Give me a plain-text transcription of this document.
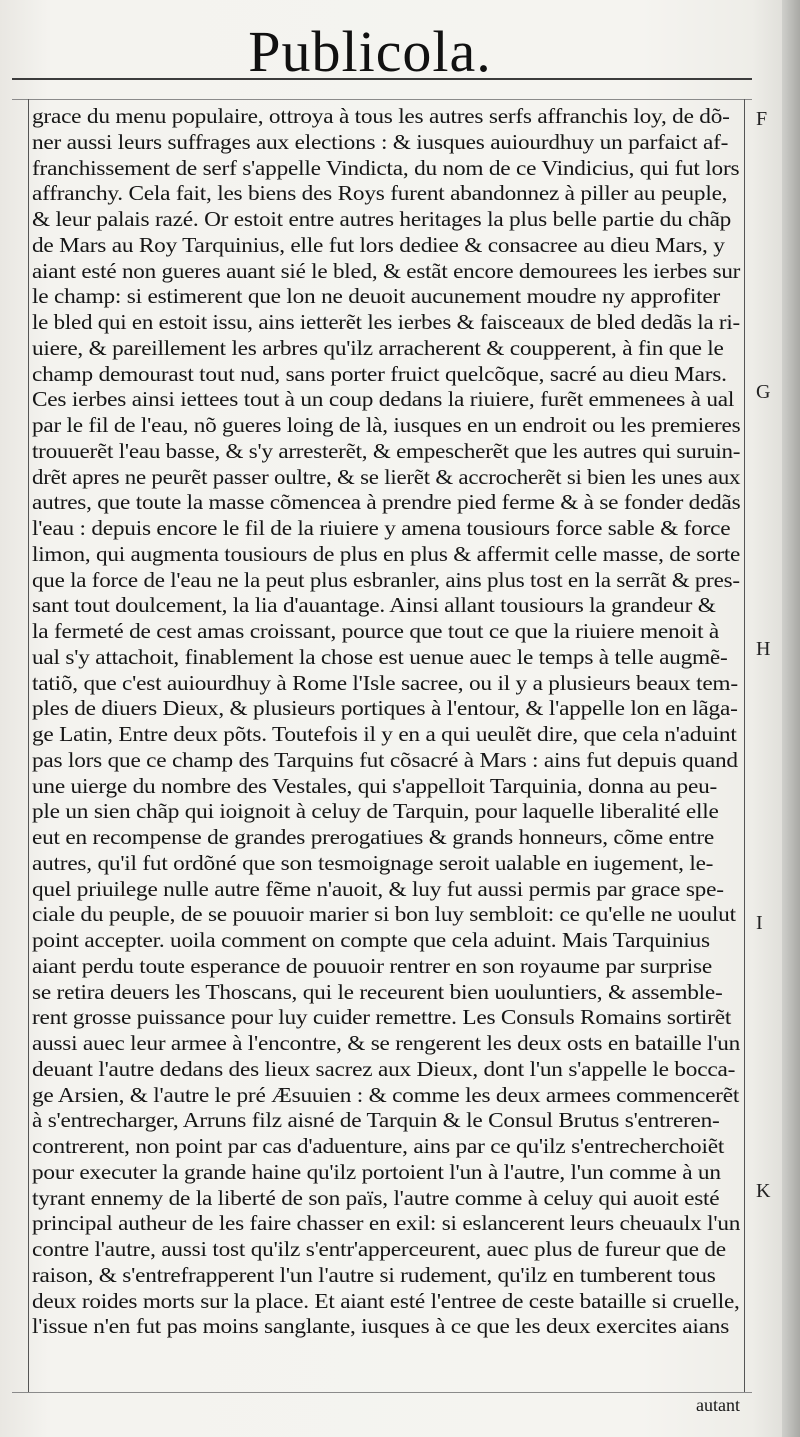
Publicola.
grace du menu populaire, ottroya à tous les autres serfs affranchis loy, de dõ-
ner aussi leurs suffrages aux elections : & iusques auiourdhuy un parfaict af-
franchissement de serf s'appelle Vindicta, du nom de ce Vindicius, qui fut lors
affranchy. Cela fait, les biens des Roys furent abandonnez à piller au peuple,
& leur palais razé. Or estoit entre autres heritages la plus belle partie du chãp
de Mars au Roy Tarquinius, elle fut lors dediee & consacree au dieu Mars, y
aiant esté non gueres auant sié le bled, & estãt encore demourees les ierbes sur
le champ: si estimerent que lon ne deuoit aucunement moudre ny approfiter
le bled qui en estoit issu, ains ietterẽt les ierbes & faisceaux de bled dedãs la ri-
uiere, & pareillement les arbres qu'ilz arracherent & coupperent, à fin que le
champ demourast tout nud, sans porter fruict quelcõque, sacré au dieu Mars.
Ces ierbes ainsi iettees tout à un coup dedans la riuiere, furẽt emmenees à ual
par le fil de l'eau, nõ gueres loing de là, iusques en un endroit ou les premieres
trouuerẽt l'eau basse, & s'y arresterẽt, & empescherẽt que les autres qui suruin-
drẽt apres ne peurẽt passer oultre, & se lierẽt & accrocherẽt si bien les unes aux
autres, que toute la masse cõmencea à prendre pied ferme & à se fonder dedãs
l'eau : depuis encore le fil de la riuiere y amena tousiours force sable & force
limon, qui augmenta tousiours de plus en plus & affermit celle masse, de sorte
que la force de l'eau ne la peut plus esbranler, ains plus tost en la serrãt & pres-
sant tout doulcement, la lia d'auantage. Ainsi allant tousiours la grandeur &
la fermeté de cest amas croissant, pource que tout ce que la riuiere menoit à
ual s'y attachoit, finablement la chose est uenue auec le temps à telle augmẽ-
tatiõ, que c'est auiourdhuy à Rome l'Isle sacree, ou il y a plusieurs beaux tem-
ples de diuers Dieux, & plusieurs portiques à l'entour, & l'appelle lon en lãga-
ge Latin, Entre deux põts. Toutefois il y en a qui ueulẽt dire, que cela n'aduint
pas lors que ce champ des Tarquins fut cõsacré à Mars : ains fut depuis quand
une uierge du nombre des Vestales, qui s'appelloit Tarquinia, donna au peu-
ple un sien chãp qui ioignoit à celuy de Tarquin, pour laquelle liberalité elle
eut en recompense de grandes prerogatiues & grands honneurs, cõme entre
autres, qu'il fut ordõné que son tesmoignage seroit ualable en iugement, le-
quel priuilege nulle autre fẽme n'auoit, & luy fut aussi permis par grace spe-
ciale du peuple, de se pouuoir marier si bon luy sembloit: ce qu'elle ne uoulut
point accepter. uoila comment on compte que cela aduint. Mais Tarquinius
aiant perdu toute esperance de pouuoir rentrer en son royaume par surprise
se retira deuers les Thoscans, qui le receurent bien uouluntiers, & assemble-
rent grosse puissance pour luy cuider remettre. Les Consuls Romains sortirẽt
aussi auec leur armee à l'encontre, & se rengerent les deux osts en bataille l'un
deuant l'autre dedans des lieux sacrez aux Dieux, dont l'un s'appelle le bocca-
ge Arsien, & l'autre le pré Æsuuien : & comme les deux armees commencerẽt
à s'entrecharger, Arruns filz aisné de Tarquin & le Consul Brutus s'entreren-
contrerent, non point par cas d'aduenture, ains par ce qu'ilz s'entrecherchoiẽt
pour executer la grande haine qu'ilz portoient l'un à l'autre, l'un comme à un
tyrant ennemy de la liberté de son païs, l'autre comme à celuy qui auoit esté
principal autheur de les faire chasser en exil: si eslancerent leurs cheuaulx l'un
contre l'autre, aussi tost qu'ilz s'entr'apperceurent, auec plus de fureur que de
raison, & s'entrefrapperent l'un l'autre si rudement, qu'ilz en tumberent tous
deux roides morts sur la place. Et aiant esté l'entree de ceste bataille si cruelle,
l'issue n'en fut pas moins sanglante, iusques à ce que les deux exercites aians
F
G
H
I
K
autant
